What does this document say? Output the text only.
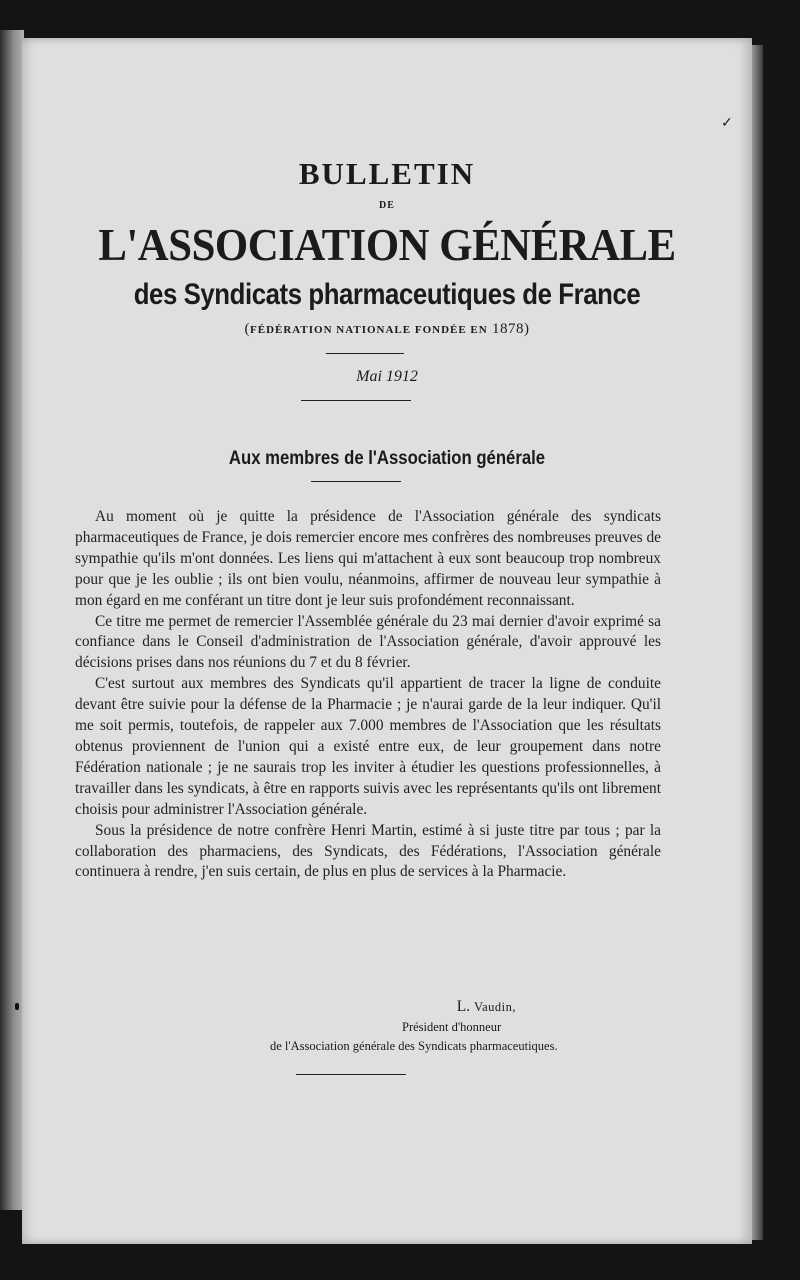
✓
BULLETIN
DE
L'ASSOCIATION GÉNÉRALE
des Syndicats pharmaceutiques de France
(FÉDÉRATION NATIONALE FONDÉE EN 1878)
Mai 1912
Aux membres de l'Association générale

Au moment où je quitte la présidence de l'Association générale des syndicats pharmaceutiques de France, je dois remercier encore mes confrères des nombreuses preuves de sympathie qu'ils m'ont données. Les liens qui m'attachent à eux sont beaucoup trop nombreux pour que je les oublie ; ils ont bien voulu, néanmoins, affirmer de nouveau leur sympathie à mon égard en me conférant un titre dont je leur suis profondément reconnaissant.

Ce titre me permet de remercier l'Assemblée générale du 23 mai dernier d'avoir exprimé sa confiance dans le Conseil d'administration de l'Association générale, d'avoir approuvé les décisions prises dans nos réunions du 7 et du 8 février.

C'est surtout aux membres des Syndicats qu'il appartient de tracer la ligne de conduite devant être suivie pour la défense de la Pharmacie ; je n'aurai garde de la leur indiquer. Qu'il me soit permis, toutefois, de rappeler aux 7.000 membres de l'Association que les résultats obtenus proviennent de l'union qui a existé entre eux, de leur groupement dans notre Fédération nationale ; je ne saurais trop les inviter à étudier les questions professionnelles, à travailler dans les syndicats, à être en rapports suivis avec les représentants qu'ils ont librement choisis pour administrer l'Association générale.

Sous la présidence de notre confrère Henri Martin, estimé à si juste titre par tous ; par la collaboration des pharmaciens, des Syndicats, des Fédérations, l'Association générale continuera à rendre, j'en suis certain, de plus en plus de services à la Pharmacie.

L. Vaudin,
Président d'honneur
de l'Association générale des Syndicats pharmaceutiques.
